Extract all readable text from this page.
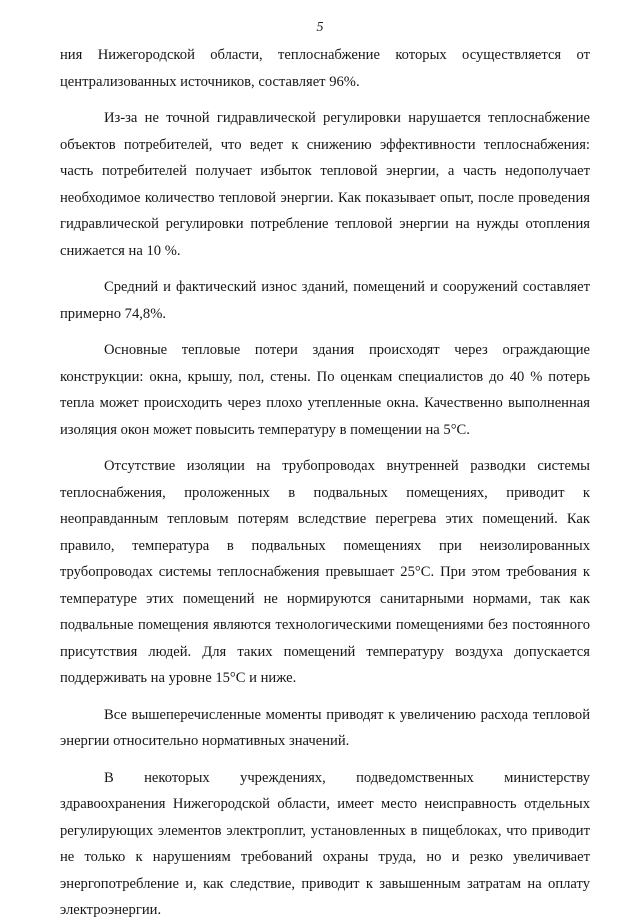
5

ния Нижегородской области, теплоснабжение которых осуществляется от централизованных источников, составляет 96%.

Из-за не точной гидравлической регулировки нарушается теплоснабжение объектов потребителей, что ведет к снижению эффективности теплоснабжения: часть потребителей получает избыток тепловой энергии, а часть недополучает необходимое количество тепловой энергии. Как показывает опыт, после проведения гидравлической регулировки потребление тепловой энергии на нужды отопления снижается на 10 %.

Средний и фактический износ зданий, помещений и сооружений составляет примерно 74,8%.

Основные тепловые потери здания происходят через ограждающие конструкции: окна, крышу, пол, стены. По оценкам специалистов до 40 % потерь тепла может происходить через плохо утепленные окна. Качественно выполненная изоляция окон может повысить температуру в помещении на 5°С.

Отсутствие изоляции на трубопроводах внутренней разводки системы теплоснабжения, проложенных в подвальных помещениях, приводит к неоправданным тепловым потерям вследствие перегрева этих помещений. Как правило, температура в подвальных помещениях при неизолированных трубопроводах системы теплоснабжения превышает 25°С. При этом требования к температуре этих помещений не нормируются санитарными нормами, так как подвальные помещения являются технологическими помещениями без постоянного присутствия людей. Для таких помещений температуру воздуха допускается поддерживать на уровне 15°С и ниже.

Все вышеперечисленные моменты приводят к увеличению расхода тепловой энергии относительно нормативных значений.

В некоторых учреждениях, подведомственных министерству здравоохранения Нижегородской области, имеет место неисправность отдельных регулирующих элементов электроплит, установленных в пищеблоках, что приводит не только к нарушениям требований охраны труда, но и резко увеличивает энергопотребление и, как следствие, приводит к завышенным затратам на оплату электроэнергии.
